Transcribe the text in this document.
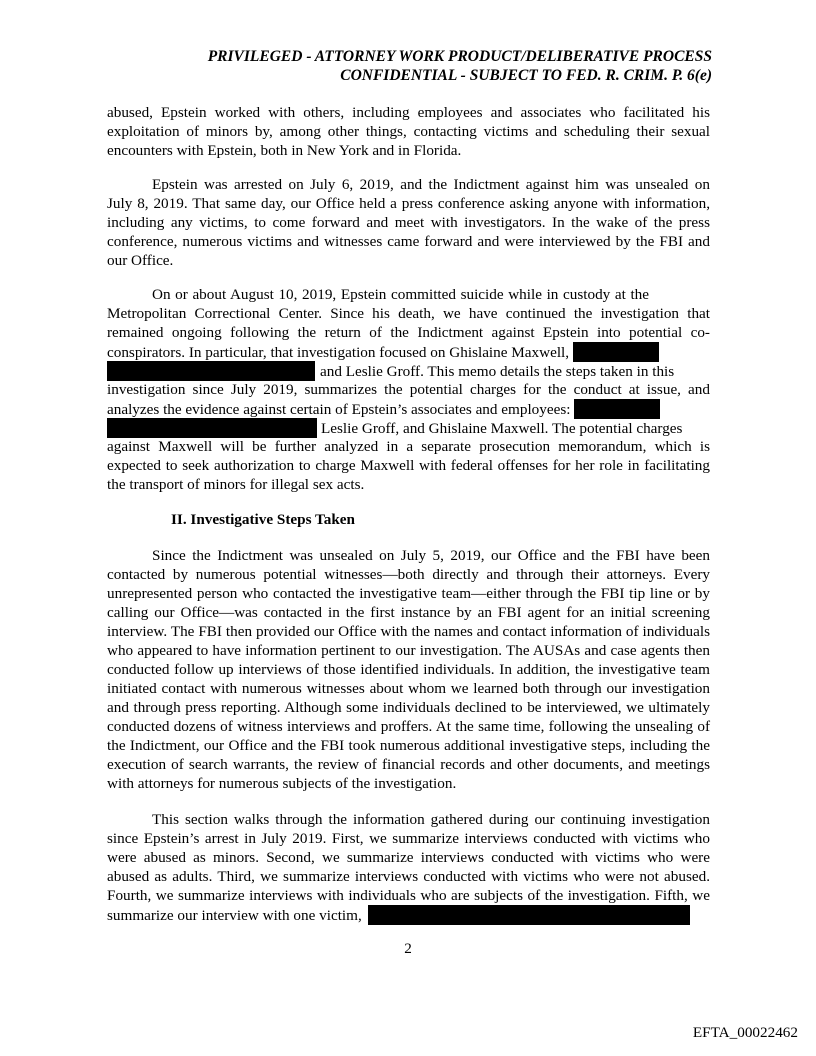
PRIVILEGED - ATTORNEY WORK PRODUCT/DELIBERATIVE PROCESS
CONFIDENTIAL - SUBJECT TO FED. R. CRIM. P. 6(e)
abused, Epstein worked with others, including employees and associates who facilitated his
exploitation of minors by, among other things, contacting victims and scheduling their sexual
encounters with Epstein, both in New York and in Florida.
Epstein was arrested on July 6, 2019, and the Indictment against him was unsealed on
July 8, 2019. That same day, our Office held a press conference asking anyone with information,
including any victims, to come forward and meet with investigators. In the wake of the press
conference, numerous victims and witnesses came forward and were interviewed by the FBI and
our Office.
On or about August 10, 2019, Epstein committed suicide while in custody at the
Metropolitan Correctional Center. Since his death, we have continued the investigation that
remained ongoing following the return of the Indictment against Epstein into potential co-
conspirators. In particular, that investigation focused on Ghislaine Maxwell,
and Leslie Groff. This memo details the steps taken in this
investigation since July 2019, summarizes the potential charges for the conduct at issue, and
analyzes the evidence against certain of Epstein’s associates and employees:
Leslie Groff, and Ghislaine Maxwell. The potential charges
against Maxwell will be further analyzed in a separate prosecution memorandum, which is
expected to seek authorization to charge Maxwell with federal offenses for her role in facilitating
the transport of minors for illegal sex acts.
II. Investigative Steps Taken
Since the Indictment was unsealed on July 5, 2019, our Office and the FBI have been
contacted by numerous potential witnesses—both directly and through their attorneys. Every
unrepresented person who contacted the investigative team—either through the FBI tip line or by
calling our Office—was contacted in the first instance by an FBI agent for an initial screening
interview. The FBI then provided our Office with the names and contact information of individuals
who appeared to have information pertinent to our investigation. The AUSAs and case agents then
conducted follow up interviews of those identified individuals. In addition, the investigative team
initiated contact with numerous witnesses about whom we learned both through our investigation
and through press reporting. Although some individuals declined to be interviewed, we ultimately
conducted dozens of witness interviews and proffers. At the same time, following the unsealing of
the Indictment, our Office and the FBI took numerous additional investigative steps, including the
execution of search warrants, the review of financial records and other documents, and meetings
with attorneys for numerous subjects of the investigation.
This section walks through the information gathered during our continuing investigation
since Epstein’s arrest in July 2019. First, we summarize interviews conducted with victims who
were abused as minors. Second, we summarize interviews conducted with victims who were
abused as adults. Third, we summarize interviews conducted with victims who were not abused.
Fourth, we summarize interviews with individuals who are subjects of the investigation. Fifth, we
summarize our interview with one victim,
2
EFTA_00022462
